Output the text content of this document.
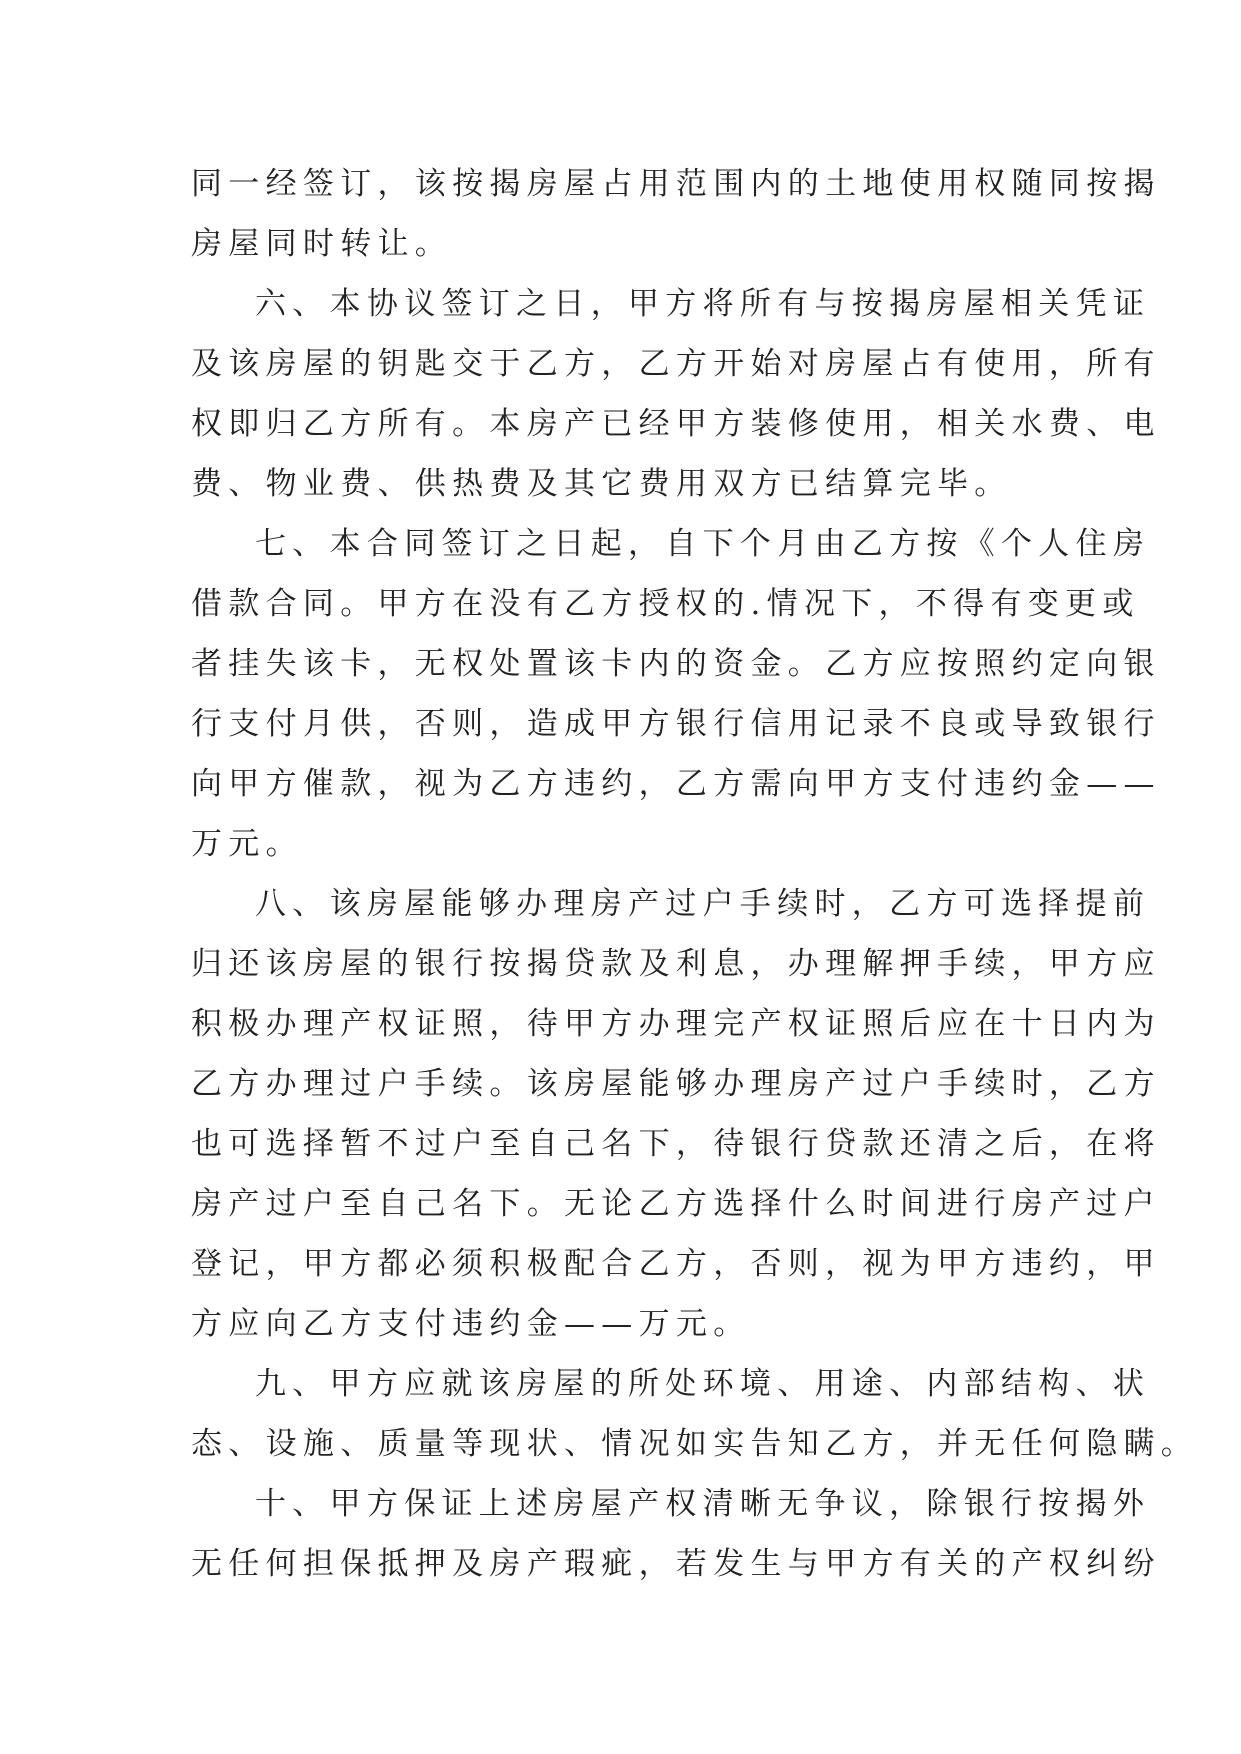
同一经签订，该按揭房屋占用范围内的土地使用权随同按揭
房屋同时转让。
六、本协议签订之日，甲方将所有与按揭房屋相关凭证
及该房屋的钥匙交于乙方，乙方开始对房屋占有使用，所有
权即归乙方所有。本房产已经甲方装修使用，相关水费、电
费、物业费、供热费及其它费用双方已结算完毕。
七、本合同签订之日起，自下个月由乙方按《个人住房
借款合同。甲方在没有乙方授权的.情况下，不得有变更或
者挂失该卡，无权处置该卡内的资金。乙方应按照约定向银
行支付月供，否则，造成甲方银行信用记录不良或导致银行
向甲方催款，视为乙方违约，乙方需向甲方支付违约金——
万元。
八、该房屋能够办理房产过户手续时，乙方可选择提前
归还该房屋的银行按揭贷款及利息，办理解押手续，甲方应
积极办理产权证照，待甲方办理完产权证照后应在十日内为
乙方办理过户手续。该房屋能够办理房产过户手续时，乙方
也可选择暂不过户至自己名下，待银行贷款还清之后，在将
房产过户至自己名下。无论乙方选择什么时间进行房产过户
登记，甲方都必须积极配合乙方，否则，视为甲方违约，甲
方应向乙方支付违约金——万元。
九、甲方应就该房屋的所处环境、用途、内部结构、状
态、设施、质量等现状、情况如实告知乙方，并无任何隐瞒。
十、甲方保证上述房屋产权清晰无争议，除银行按揭外
无任何担保抵押及房产瑕疵，若发生与甲方有关的产权纠纷
